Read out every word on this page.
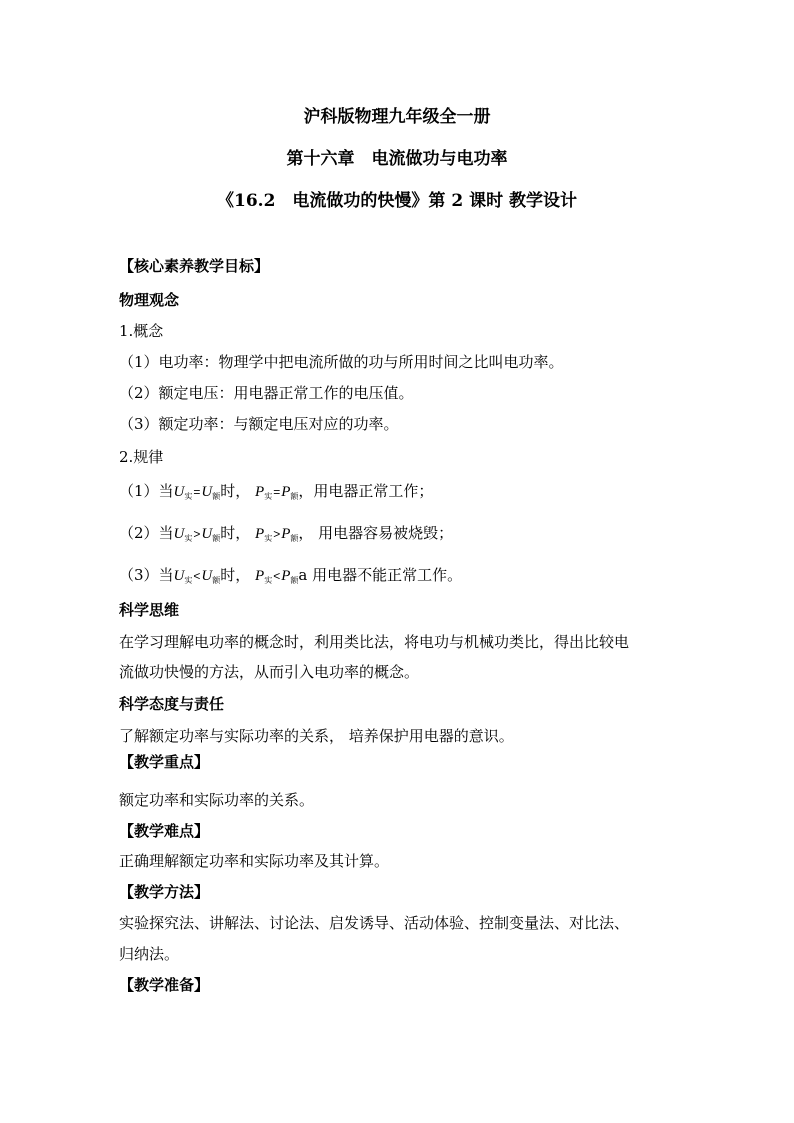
沪科版物理九年级全一册
第十六章　电流做功与电功率
《16.2　电流做功的快慢》第 2 课时 教学设计
【核心素养教学目标】
物理观念
1.概念
（1）电功率：物理学中把电流所做的功与所用时间之比叫电功率。
（2）额定电压：用电器正常工作的电压值。
（3）额定功率：与额定电压对应的功率。
2.规律
（1）当$U_实=U_额$时， $P_实=P_额$，用电器正常工作；
（2）当$U_实>U_额$时， $P_实>P_额$， 用电器容易被烧毁；
（3）当$U_实<U_额$时， $P_实<P_额a$ 用电器不能正常工作。
科学思维
在学习理解电功率的概念时，利用类比法，将电功与机械功类比，得出比较电
流做功快慢的方法，从而引入电功率的概念。
科学态度与责任
了解额定功率与实际功率的关系， 培养保护用电器的意识。
【教学重点】
额定功率和实际功率的关系。
【教学难点】
正确理解额定功率和实际功率及其计算。
【教学方法】
实验探究法、讲解法、讨论法、启发诱导、活动体验、控制变量法、对比法、
归纳法。
【教学准备】
